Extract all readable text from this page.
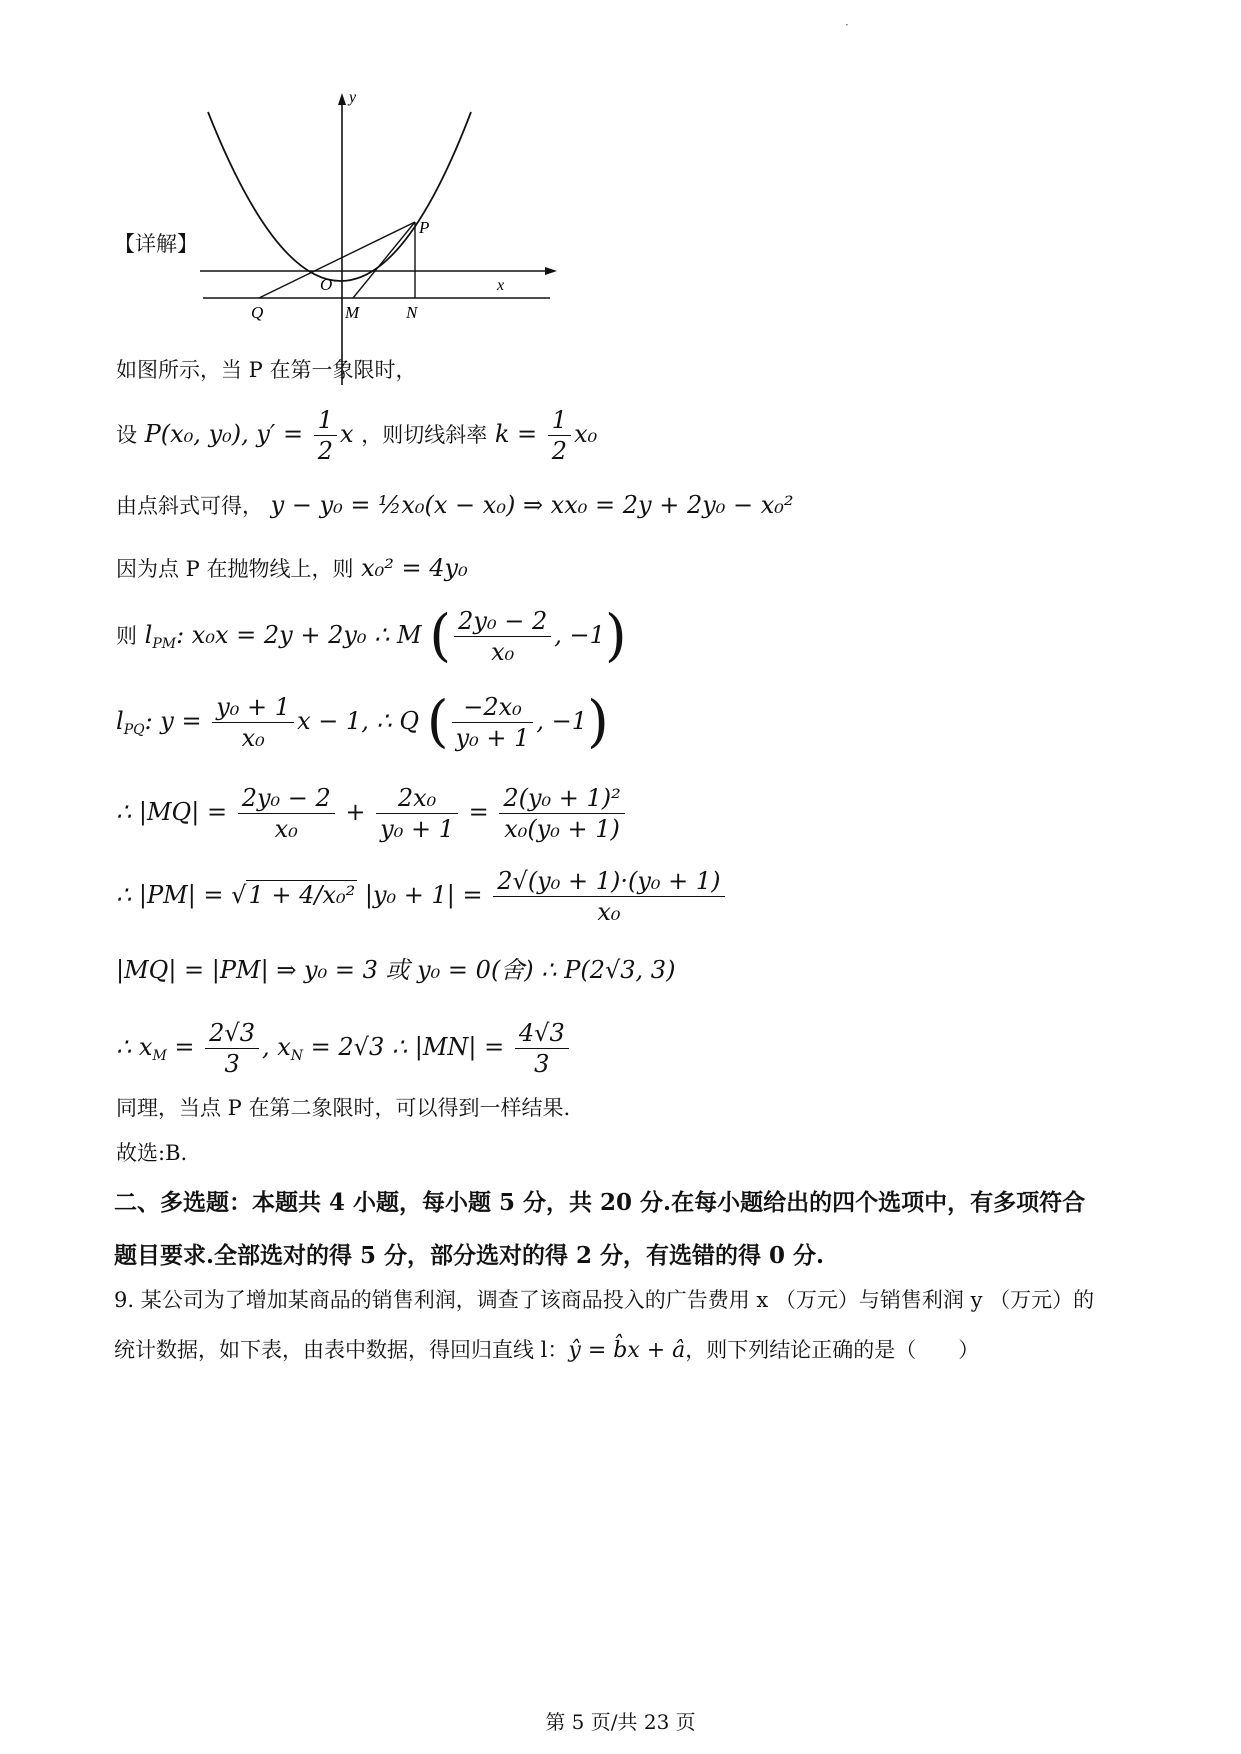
·
【详解】
y
x
P
O
Q	M	N
如图所示，当 P 在第一象限时，
设 P(x₀, y₀), $y' = \frac{1}{2}$ x ，则切线斜率 $k = \frac{1}{2} x_0$
由点斜式可得， y − y₀ = ½x₀(x − x₀) ⇒ xx₀ = 2y + 2y₀ − x₀²
因为点 P 在抛物线上，则 x₀² = 4y₀
则 $l_{PM}$: x₀x = 2y + 2y₀ ∴ M ( $\frac{\text{2y₀ − 2}}{\text{x₀}}$ , −1)
$l_{PQ}$: $y = \frac{\text{y₀ + 1}}{\text{x₀}}$ x − 1, ∴ Q ( $\frac{\text{−2x₀}}{\text{y₀ + 1}}$ , −1)
∴ $|MQ| = \frac{\text{2y₀ − 2}}{\text{x₀}} + \frac{\text{2x₀}}{\text{y₀ + 1}} = \frac{\text{2(y₀ + 1)²}}{\text{x₀(y₀ + 1)}}$
∴ |PM| = √1 + 4/x₀² $|y_0 + 1| = \frac{\text{2√(y₀ + 1)·(y₀ + 1)}}{\text{x₀}}$
|MQ| = |PM| ⇒ y₀ = 3 或 y₀ = 0(舍) ∴ P(2√3, 3)
∴ $x_M = \frac{2√3}{3}$ , $x_N = 2√3$ ∴ $|MN| = \frac{4√3}{3}$
同理，当点 P 在第二象限时，可以得到一样结果.
故选:B.
二、多选题：本题共 4 小题，每小题 5 分，共 20 分.在每小题给出的四个选项中，有多项符合
题目要求.全部选对的得 5 分，部分选对的得 2 分，有选错的得 0 分.
9. 某公司为了增加某商品的销售利润，调查了该商品投入的广告费用 x （万元）与销售利润 y （万元）的
统计数据，如下表，由表中数据，得回归直线 l：ŷ = b̂x + â，则下列结论正确的是（　　）
第 5 页/共 23 页
